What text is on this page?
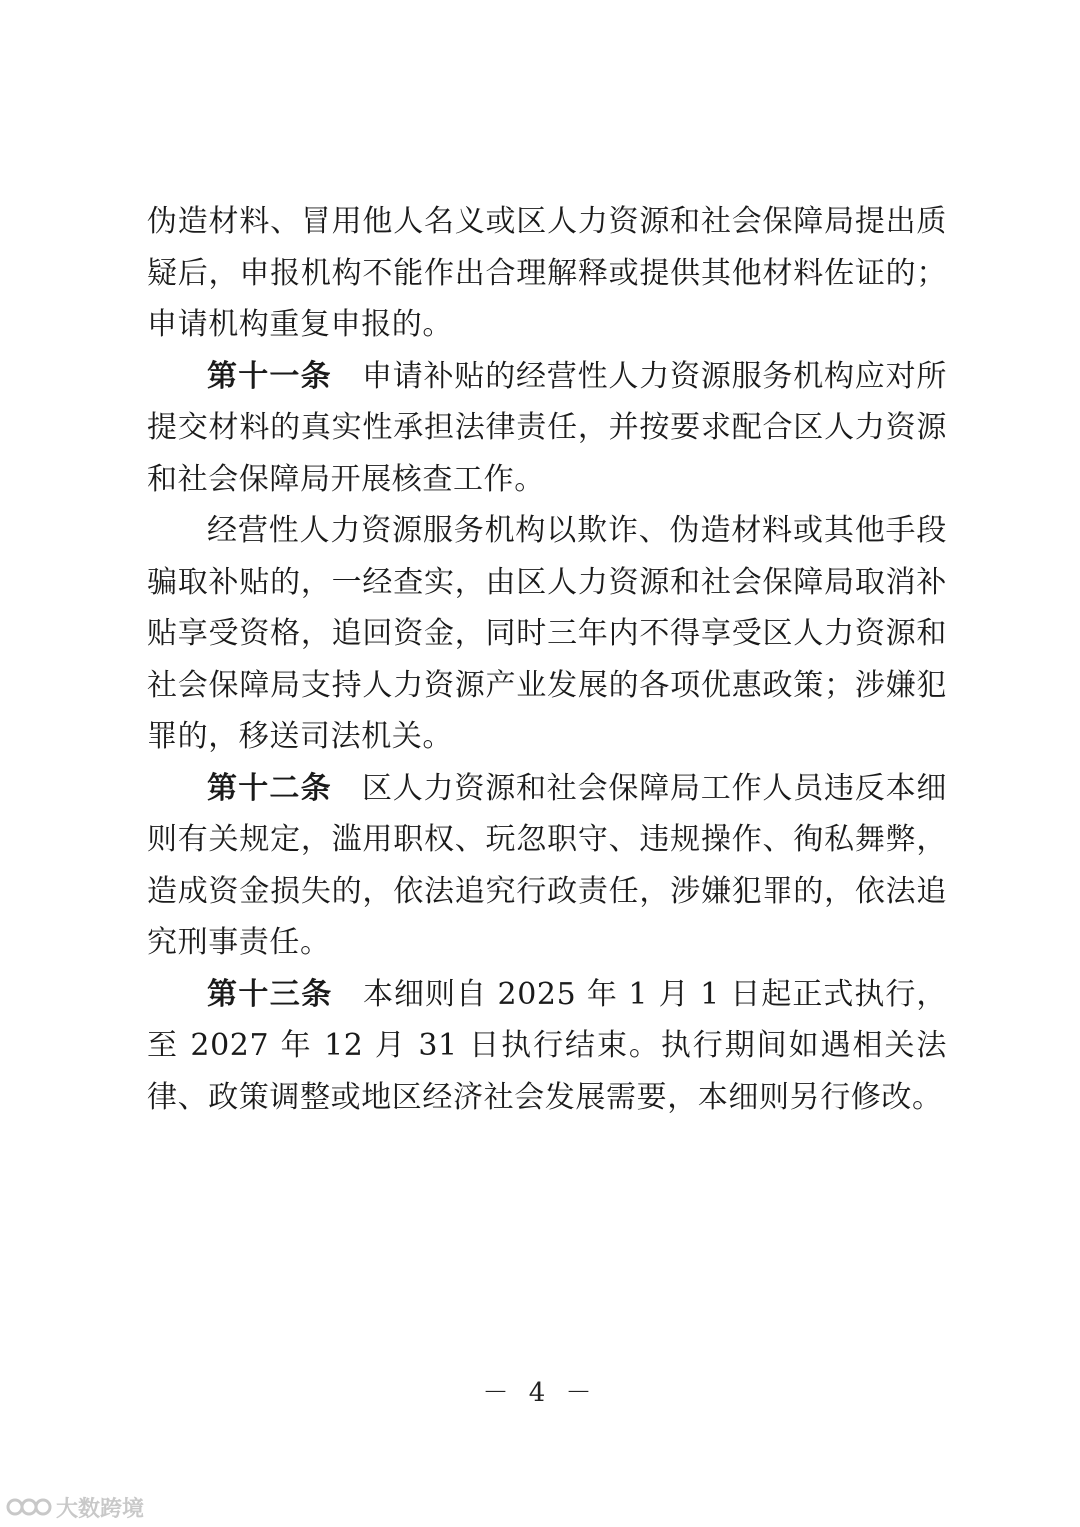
伪造材料、冒用他人名义或区人力资源和社会保障局提出质疑后，申报机构不能作出合理解释或提供其他材料佐证的；申请机构重复申报的。

第十一条 申请补贴的经营性人力资源服务机构应对所提交材料的真实性承担法律责任，并按要求配合区人力资源和社会保障局开展核查工作。

经营性人力资源服务机构以欺诈、伪造材料或其他手段骗取补贴的，一经查实，由区人力资源和社会保障局取消补贴享受资格，追回资金，同时三年内不得享受区人力资源和社会保障局支持人力资源产业发展的各项优惠政策；涉嫌犯罪的，移送司法机关。

第十二条 区人力资源和社会保障局工作人员违反本细则有关规定，滥用职权、玩忽职守、违规操作、徇私舞弊，造成资金损失的，依法追究行政责任，涉嫌犯罪的，依法追究刑事责任。

第十三条 本细则自 2025 年 1 月 1 日起正式执行，至 2027 年 12 月 31 日执行结束。执行期间如遇相关法律、政策调整或地区经济社会发展需要，本细则另行修改。

－ 4 －
大数跨境
